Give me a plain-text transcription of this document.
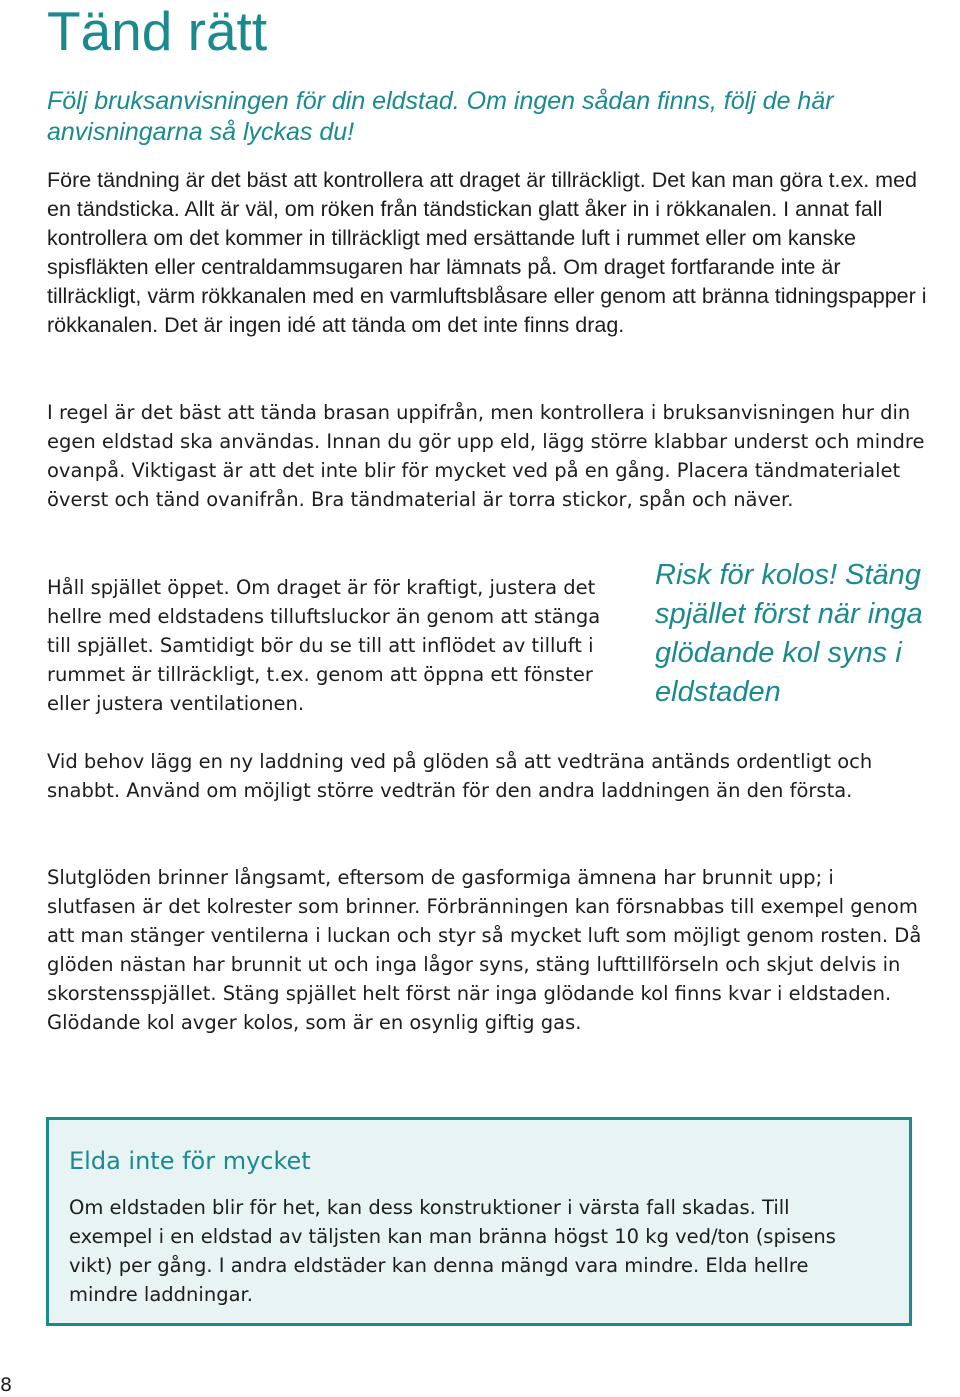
Tänd rätt

Följ bruksanvisningen för din eldstad. Om ingen sådan finns, följ de här anvisningarna så lyckas du!

Före tändning är det bäst att kontrollera att draget är tillräckligt. Det kan man göra t.ex. med en tändsticka. Allt är väl, om röken från tändstickan glatt åker in i rökkanalen. I annat fall kontrollera om det kommer in tillräckligt med ersättande luft i rummet eller om kanske spisfläkten eller centraldammsugaren har lämnats på. Om draget fortfarande inte är tillräckligt, värm rökkanalen med en varmluftsblåsare eller genom att bränna tidningspapper i rökkanalen. Det är ingen idé att tända om det inte finns drag.

I regel är det bäst att tända brasan uppifrån, men kontrollera i bruksanvisningen hur din egen eldstad ska användas. Innan du gör upp eld, lägg större klabbar underst och mindre ovanpå. Viktigast är att det inte blir för mycket ved på en gång. Placera tändmaterialet överst och tänd ovanifrån. Bra tändmaterial är torra stickor, spån och näver.

Håll spjället öppet. Om draget är för kraftigt, justera det hellre med eldstadens tilluftsluckor än genom att stänga till spjället. Samtidigt bör du se till att inflödet av tilluft i rummet är tillräckligt, t.ex. genom att öppna ett fönster eller justera ventilationen.

Risk för kolos! Stäng spjället först när inga glödande kol syns i eldstaden

Vid behov lägg en ny laddning ved på glöden så att vedträna antänds ordentligt och snabbt. Använd om möjligt större vedträn för den andra laddningen än den första.

Slutglöden brinner långsamt, eftersom de gasformiga ämnena har brunnit upp; i slutfasen är det kolrester som brinner. Förbränningen kan försnabbas till exempel genom att man stänger ventilerna i luckan och styr så mycket luft som möjligt genom rosten. Då glöden nästan har brunnit ut och inga lågor syns, stäng lufttillförseln och skjut delvis in skorstensspjället. Stäng spjället helt först när inga glödande kol finns kvar i eldstaden. Glödande kol avger kolos, som är en osynlig giftig gas.

Elda inte för mycket

Om eldstaden blir för het, kan dess konstruktioner i värsta fall skadas. Till exempel i en eldstad av täljsten kan man bränna högst 10 kg ved/ton (spisens vikt) per gång. I andra eldstäder kan denna mängd vara mindre. Elda hellre mindre laddningar.

8
